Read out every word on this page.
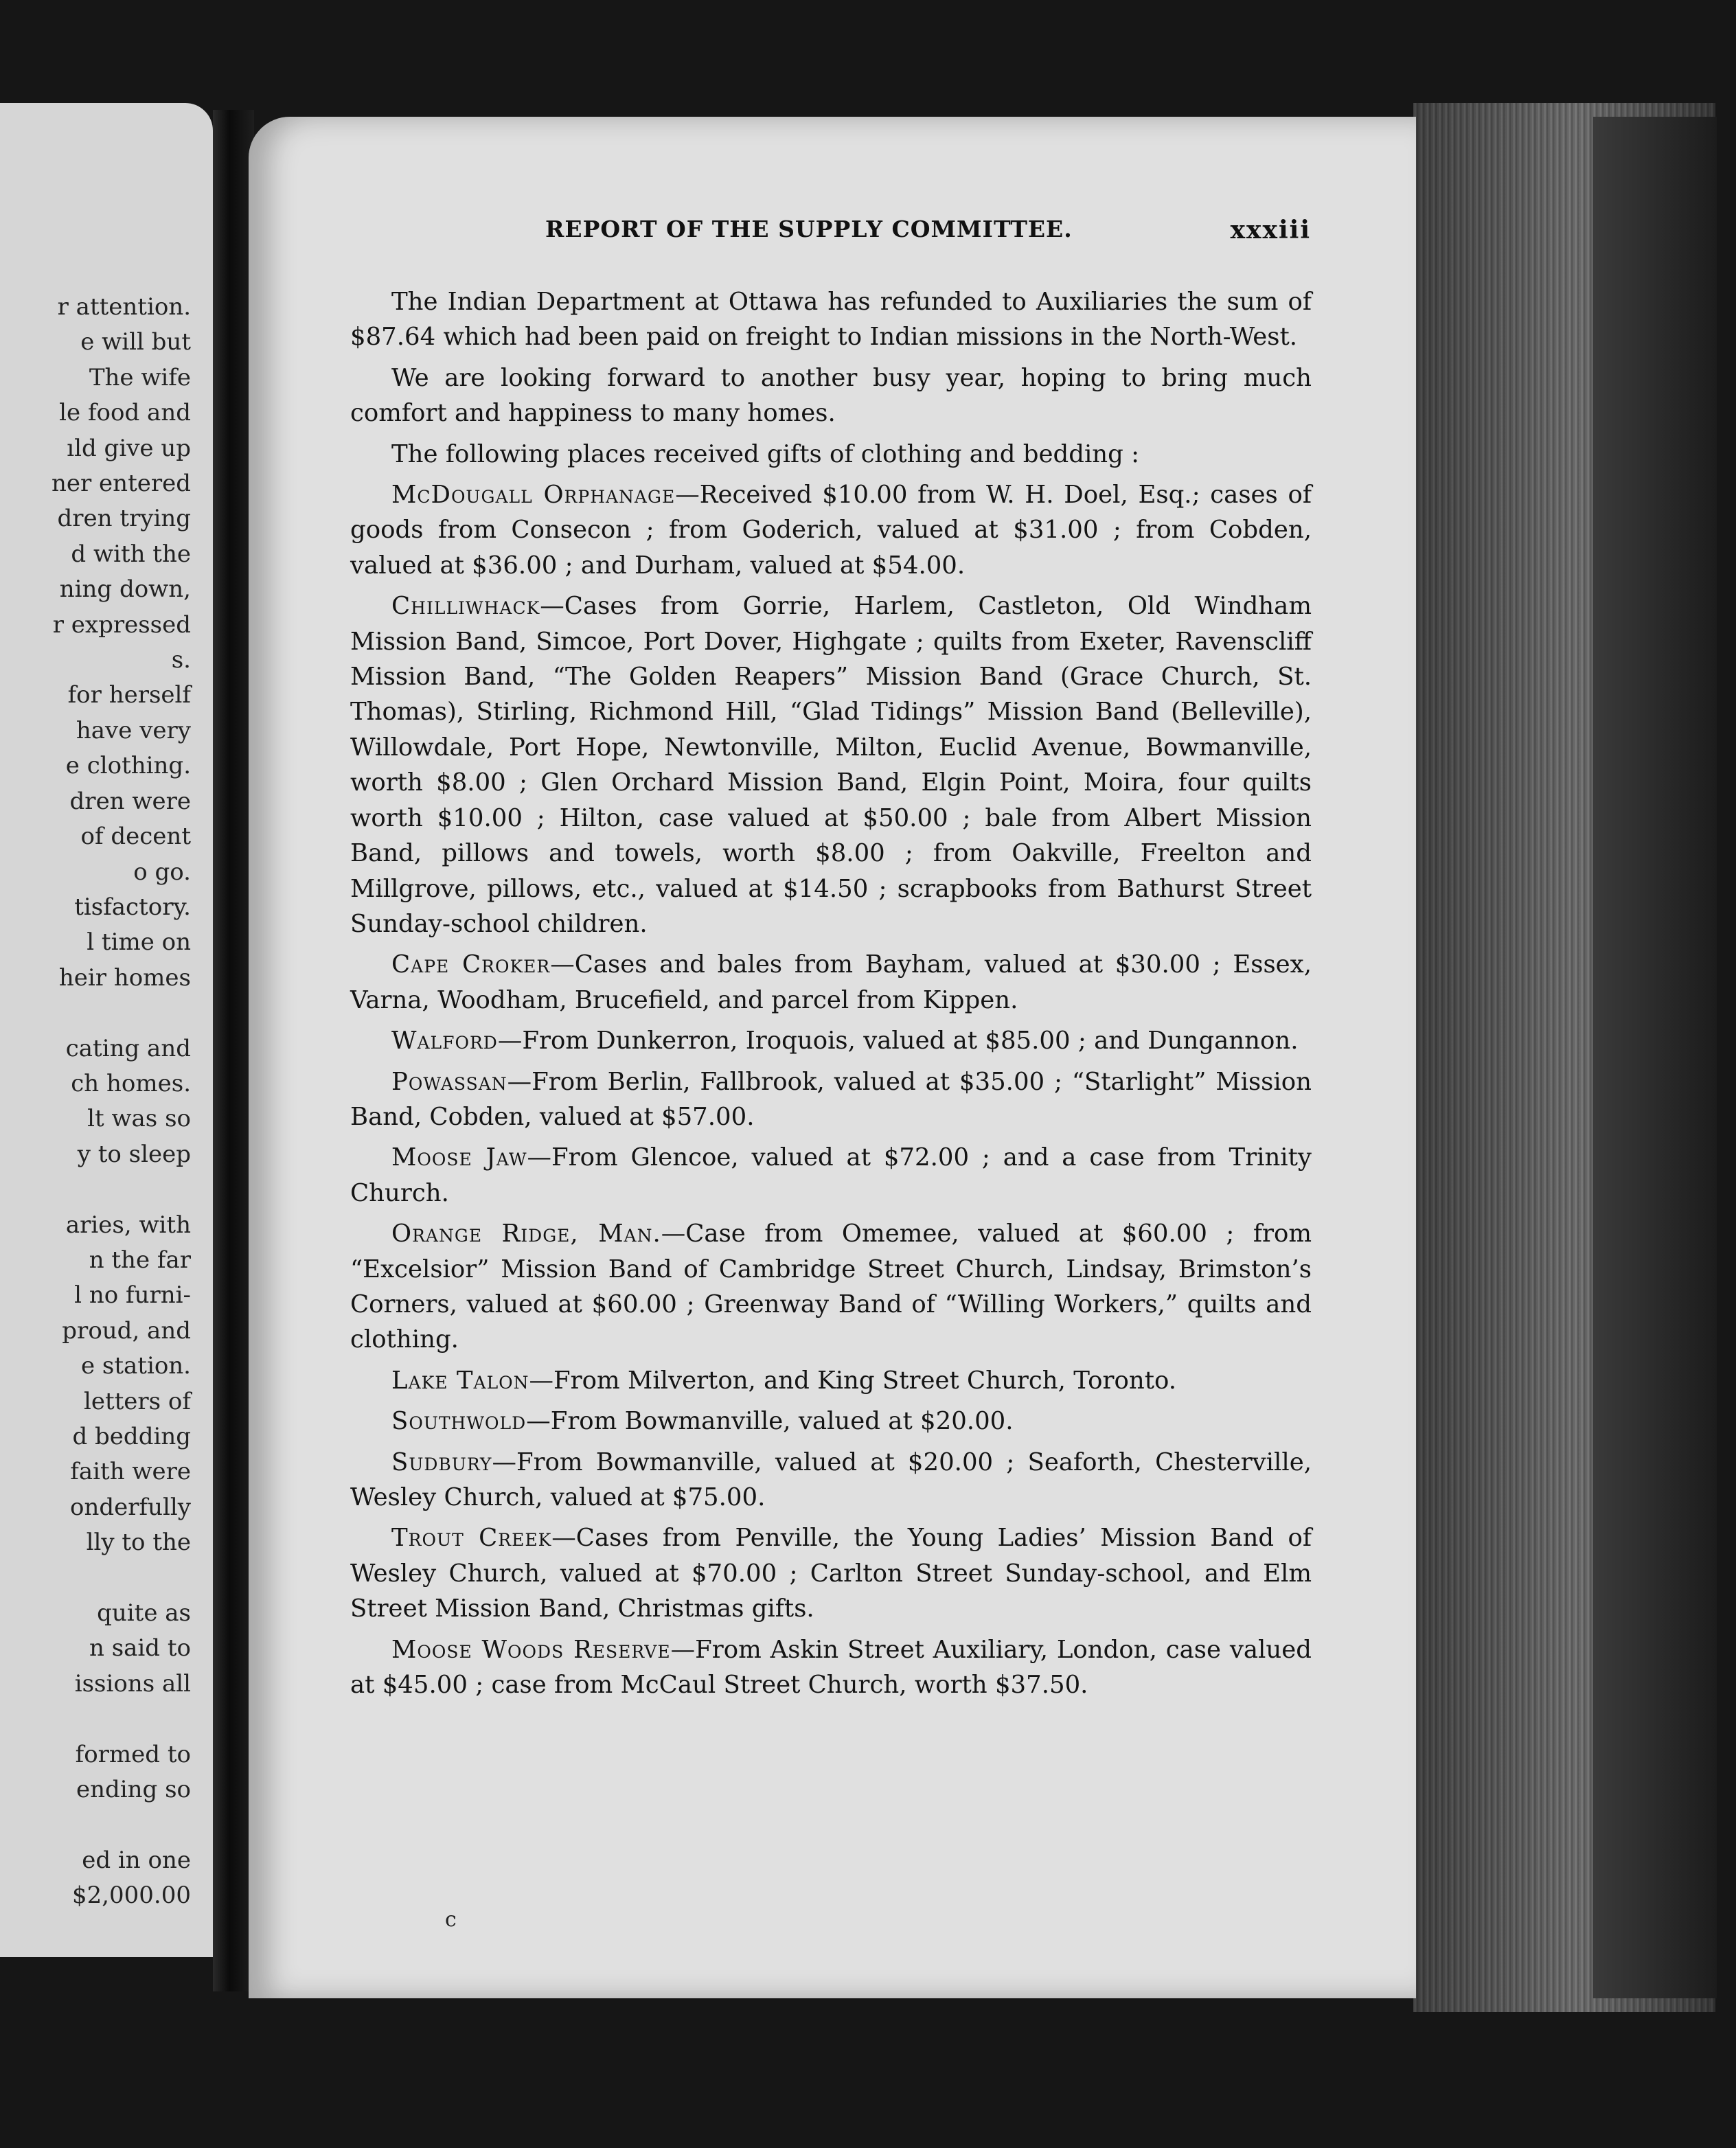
r attention.
e will but
The wife
le food and
ıld give up
ner entered
dren trying
d with the
ning down,
r expressed
s.
for herself
have very
e clothing.
dren were
of decent
o go.
tisfactory.
l time on
heir homes

cating and
ch homes.
lt was so
y to sleep

aries, with
n the far
l no furni-
proud, and
e station.
letters of
d bedding
faith were
onderfully
lly to the

quite as
n said to
issions all

formed to
ending so

ed in one
$2,000.00
REPORT OF THE SUPPLY COMMITTEE.	xxxiii

The Indian Department at Ottawa has refunded to Auxiliaries the sum of $87.64 which had been paid on freight to Indian missions in the North-West.

We are looking forward to another busy year, hoping to bring much comfort and happiness to many homes.

The following places received gifts of clothing and bedding :

McDougall Orphanage—Received $10.00 from W. H. Doel, Esq.; cases of goods from Consecon ; from Goderich, valued at $31.00 ; from Cobden, valued at $36.00 ; and Durham, valued at $54.00.

Chilliwhack—Cases from Gorrie, Harlem, Castleton, Old Windham Mission Band, Simcoe, Port Dover, Highgate ; quilts from Exeter, Ravenscliff Mission Band, “The Golden Reapers” Mission Band (Grace Church, St. Thomas), Stirling, Richmond Hill, “Glad Tidings” Mission Band (Belleville), Willowdale, Port Hope, Newtonville, Milton, Euclid Avenue, Bowmanville, worth $8.00 ; Glen Orchard Mission Band, Elgin Point, Moira, four quilts worth $10.00 ; Hilton, case valued at $50.00 ; bale from Albert Mission Band, pillows and towels, worth $8.00 ; from Oakville, Freelton and Millgrove, pillows, etc., valued at $14.50 ; scrapbooks from Bathurst Street Sunday-school children.

Cape Croker—Cases and bales from Bayham, valued at $30.00 ; Essex, Varna, Woodham, Brucefield, and parcel from Kippen.

Walford—From Dunkerron, Iroquois, valued at $85.00 ; and Dungannon.

Powassan—From Berlin, Fallbrook, valued at $35.00 ; “Starlight” Mission Band, Cobden, valued at $57.00.

Moose Jaw—From Glencoe, valued at $72.00 ; and a case from Trinity Church.

Orange Ridge, Man.—Case from Omemee, valued at $60.00 ; from “Excelsior” Mission Band of Cambridge Street Church, Lindsay, Brimston’s Corners, valued at $60.00 ; Greenway Band of “Willing Workers,” quilts and clothing.

Lake Talon—From Milverton, and King Street Church, Toronto.

Southwold—From Bowmanville, valued at $20.00.

Sudbury—From Bowmanville, valued at $20.00 ; Seaforth, Chesterville, Wesley Church, valued at $75.00.

Trout Creek—Cases from Penville, the Young Ladies’ Mission Band of Wesley Church, valued at $70.00 ; Carlton Street Sunday-school, and Elm Street Mission Band, Christmas gifts.

Moose Woods Reserve—From Askin Street Auxiliary, London, case valued at $45.00 ; case from McCaul Street Church, worth $37.50.

c
